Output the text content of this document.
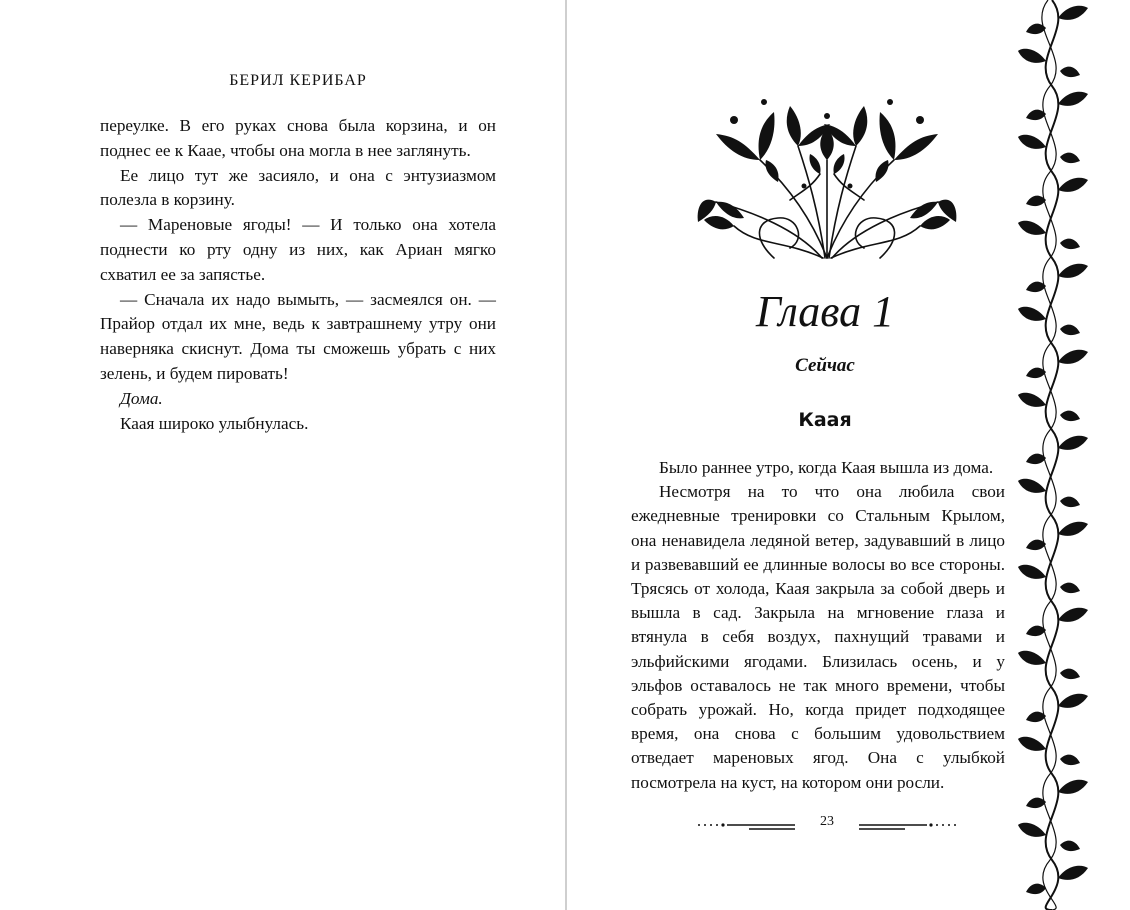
БЕРИЛ КЕРИБАР

переулке. В его руках снова была корзина, и он поднес ее к Каае, чтобы она могла в нее заглянуть.

Ее лицо тут же засияло, и она с энтузиазмом полезла в корзину.

— Мареновые ягоды! — И только она хотела поднести ко рту одну из них, как Ариан мягко схватил ее за запястье.

— Сначала их надо вымыть, — засмеялся он. — Прайор отдал их мне, ведь к завтрашнему утру они наверняка скиснут. Дома ты сможешь убрать с них зелень, и будем пировать!

Дома.

Каая широко улыбнулась.

Глава 1
Сейчас
Каая

Было раннее утро, когда Каая вышла из дома.

Несмотря на то что она любила свои ежедневные тренировки со Стальным Крылом, она ненавидела ледяной ветер, задувавший в лицо и развевавший ее длинные волосы во все стороны. Трясясь от холода, Каая закрыла за собой дверь и вышла в сад. Закрыла на мгновение глаза и втянула в себя воздух, пахнущий травами и эльфийскими ягодами. Близилась осень, и у эльфов оставалось не так много времени, чтобы собрать урожай. Но, когда придет подходящее время, она снова с большим удовольствием отведает мареновых ягод. Она с улыбкой посмотрела на куст, на котором они росли.

23
